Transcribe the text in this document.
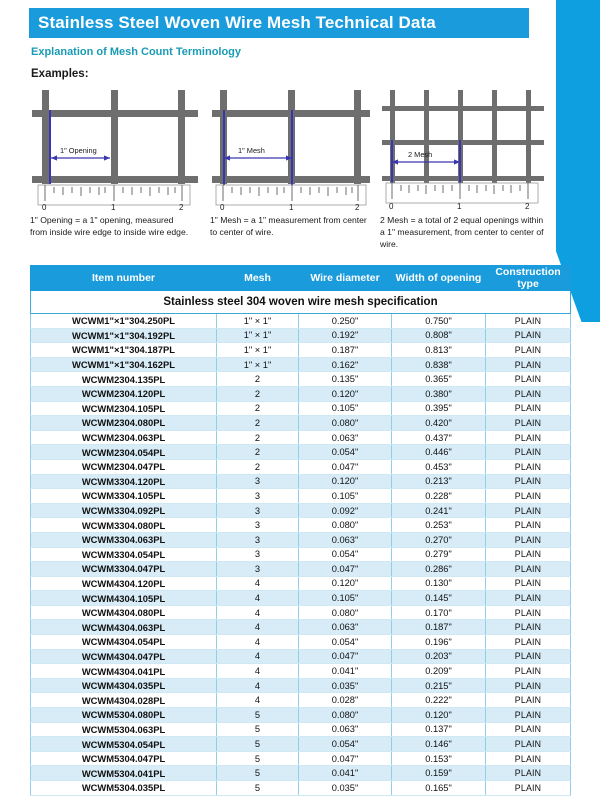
Stainless Steel Woven Wire Mesh Technical Data
Explanation of Mesh Count Terminology
Examples:
1" Opening
0	1	2
1" Opening = a 1" opening, measured from inside wire edge to inside wire edge.
1" Mesh
0	1	2
1" Mesh = a 1" measurement from center to center of wire.
2 Mesh
0	1	2
2 Mesh = a total of 2 equal openings within a 1" measurement, from center to center of wire.
Stainless steel 304 woven wire mesh specification				
Item number	Mesh	Wire diameter	Width of opening	Construction type
WCWM1"×1"304.250PL	1" × 1"	0.250"	0.750"	PLAIN
WCWM1"×1"304.192PL	1" × 1"	0.192"	0.808"	PLAIN
WCWM1"×1"304.187PL	1" × 1"	0.187"	0.813"	PLAIN
WCWM1"×1"304.162PL	1" × 1"	0.162"	0.838"	PLAIN
WCWM2304.135PL	2	0.135"	0.365"	PLAIN
WCWM2304.120PL	2	0.120"	0.380"	PLAIN
WCWM2304.105PL	2	0.105"	0.395"	PLAIN
WCWM2304.080PL	2	0.080"	0.420"	PLAIN
WCWM2304.063PL	2	0.063"	0.437"	PLAIN
WCWM2304.054PL	2	0.054"	0.446"	PLAIN
WCWM2304.047PL	2	0.047"	0.453"	PLAIN
WCWM3304.120PL	3	0.120"	0.213"	PLAIN
WCWM3304.105PL	3	0.105"	0.228"	PLAIN
WCWM3304.092PL	3	0.092"	0.241"	PLAIN
WCWM3304.080PL	3	0.080"	0.253"	PLAIN
WCWM3304.063PL	3	0.063"	0.270"	PLAIN
WCWM3304.054PL	3	0.054"	0.279"	PLAIN
WCWM3304.047PL	3	0.047"	0.286"	PLAIN
WCWM4304.120PL	4	0.120"	0.130"	PLAIN
WCWM4304.105PL	4	0.105"	0.145"	PLAIN
WCWM4304.080PL	4	0.080"	0.170"	PLAIN
WCWM4304.063PL	4	0.063"	0.187"	PLAIN
WCWM4304.054PL	4	0.054"	0.196"	PLAIN
WCWM4304.047PL	4	0.047"	0.203"	PLAIN
WCWM4304.041PL	4	0.041"	0.209"	PLAIN
WCWM4304.035PL	4	0.035"	0.215"	PLAIN
WCWM4304.028PL	4	0.028"	0.222"	PLAIN
WCWM5304.080PL	5	0.080"	0.120"	PLAIN
WCWM5304.063PL	5	0.063"	0.137"	PLAIN
WCWM5304.054PL	5	0.054"	0.146"	PLAIN
WCWM5304.047PL	5	0.047"	0.153"	PLAIN
WCWM5304.041PL	5	0.041"	0.159"	PLAIN
WCWM5304.035PL	5	0.035"	0.165"	PLAIN
